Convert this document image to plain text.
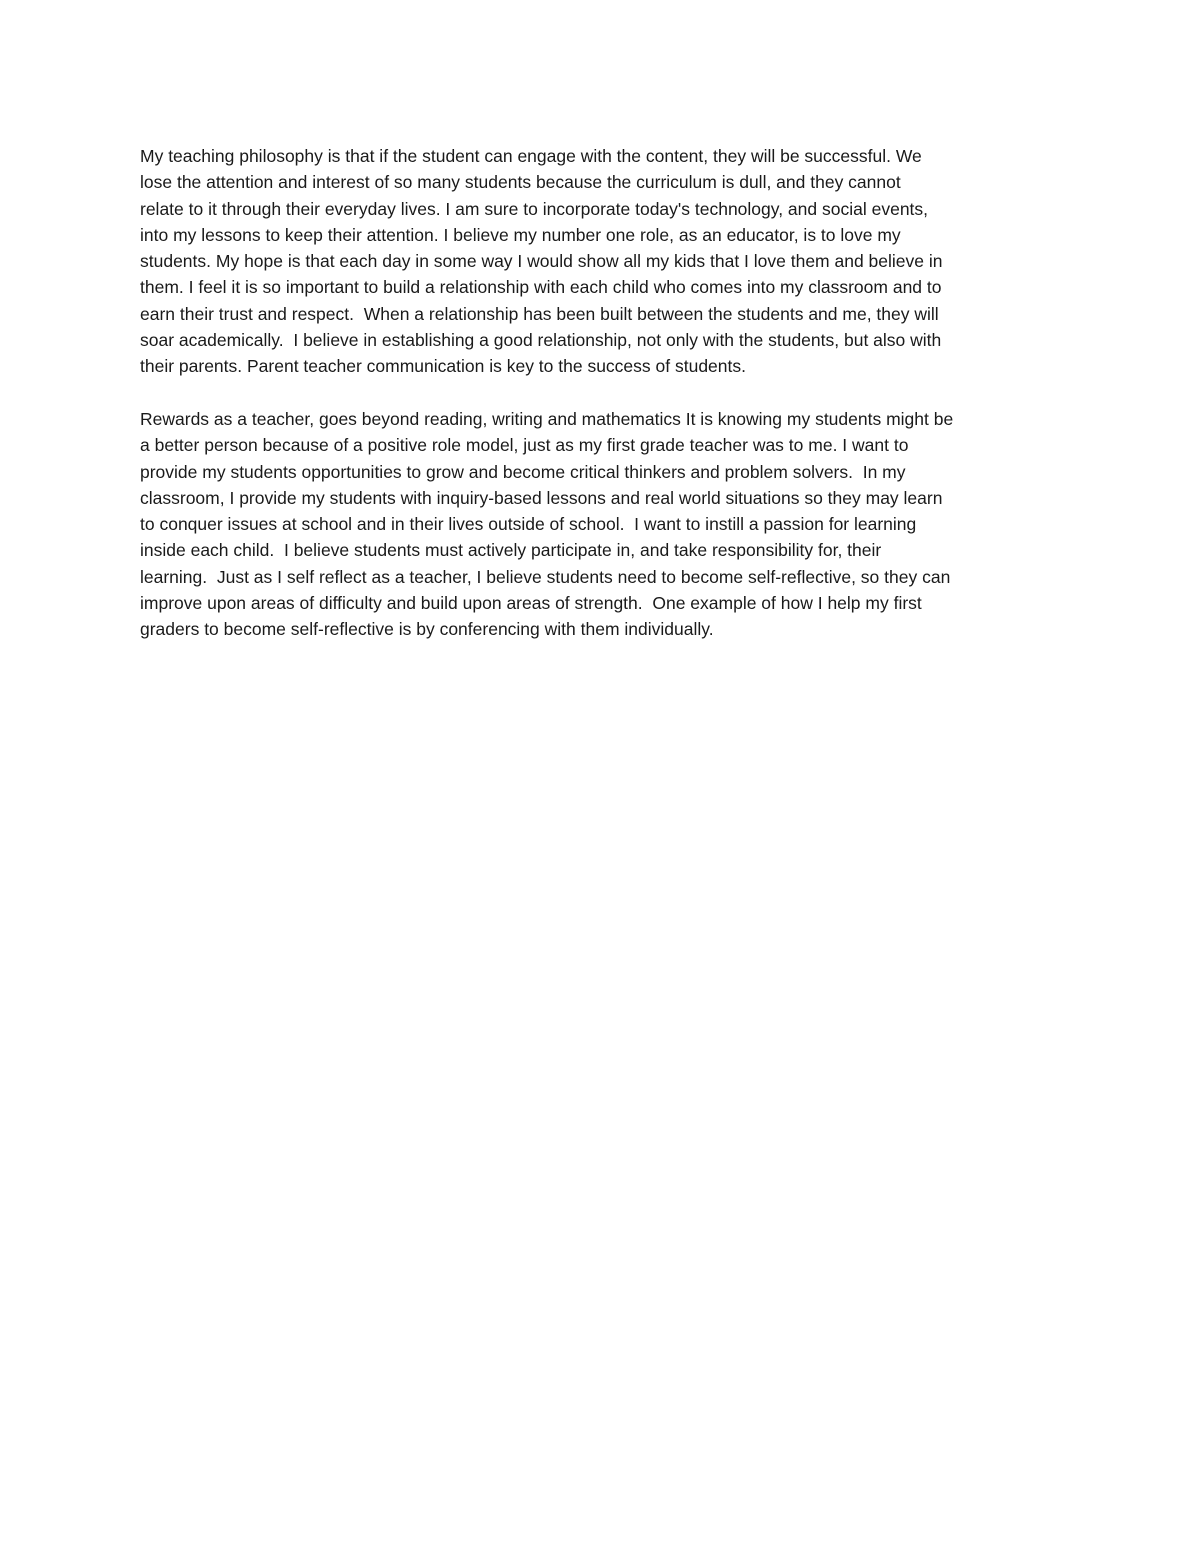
My teaching philosophy is that if the student can engage with the content, they will be successful. We
lose the attention and interest of so many students because the curriculum is dull, and they cannot
relate to it through their everyday lives. I am sure to incorporate today's technology, and social events,
into my lessons to keep their attention. I believe my number one role, as an educator, is to love my
students. My hope is that each day in some way I would show all my kids that I love them and believe in
them. I feel it is so important to build a relationship with each child who comes into my classroom and to
earn their trust and respect.  When a relationship has been built between the students and me, they will
soar academically.  I believe in establishing a good relationship, not only with the students, but also with
their parents. Parent teacher communication is key to the success of students.
Rewards as a teacher, goes beyond reading, writing and mathematics It is knowing my students might be
a better person because of a positive role model, just as my first grade teacher was to me. I want to
provide my students opportunities to grow and become critical thinkers and problem solvers.  In my
classroom, I provide my students with inquiry-based lessons and real world situations so they may learn
to conquer issues at school and in their lives outside of school.  I want to instill a passion for learning
inside each child.  I believe students must actively participate in, and take responsibility for, their
learning.  Just as I self reflect as a teacher, I believe students need to become self-reflective, so they can
improve upon areas of difficulty and build upon areas of strength.  One example of how I help my first
graders to become self-reflective is by conferencing with them individually.
